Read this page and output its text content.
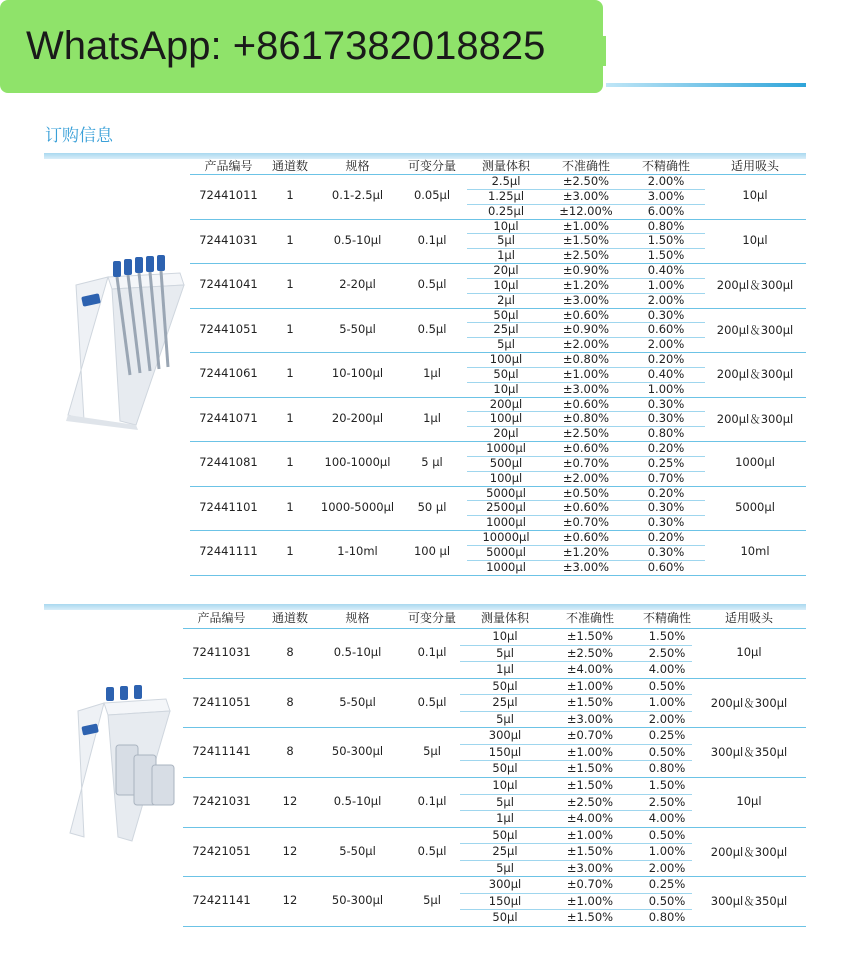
WhatsApp: +8617382018825
订购信息
产品编号	通道数	规格	可变分量	测量体积	不准确性	不精确性	适用吸头
72441011	1	0.1-2.5µl	0.05µl	10µl
2.5µl	±2.50%	2.00%
1.25µl	±3.00%	3.00%
0.25µl	±12.00%	6.00%
72441031	1	0.5-10µl	0.1µl	10µl
10µl	±1.00%	0.80%
5µl	±1.50%	1.50%
1µl	±2.50%	1.50%
72441041	1	2-20µl	0.5µl	200µl＆300µl
20µl	±0.90%	0.40%
10µl	±1.20%	1.00%
2µl	±3.00%	2.00%
72441051	1	5-50µl	0.5µl	200µl＆300µl
50µl	±0.60%	0.30%
25µl	±0.90%	0.60%
5µl	±2.00%	2.00%
72441061	1	10-100µl	1µl	200µl＆300µl
100µl	±0.80%	0.20%
50µl	±1.00%	0.40%
10µl	±3.00%	1.00%
72441071	1	20-200µl	1µl	200µl＆300µl
200µl	±0.60%	0.30%
100µl	±0.80%	0.30%
20µl	±2.50%	0.80%
72441081	1	100-1000µl	5 µl	1000µl
1000µl	±0.60%	0.20%
500µl	±0.70%	0.25%
100µl	±2.00%	0.70%
72441101	1	1000-5000µl	50 µl	5000µl
5000µl	±0.50%	0.20%
2500µl	±0.60%	0.30%
1000µl	±0.70%	0.30%
72441111	1	1-10ml	100 µl	10ml
10000µl	±0.60%	0.20%
5000µl	±1.20%	0.30%
1000µl	±3.00%	0.60%
产品编号	通道数	规格	可变分量	测量体积	不准确性	不精确性	适用吸头
72411031	8	0.5-10µl	0.1µl	10µl
10µl	±1.50%	1.50%
5µl	±2.50%	2.50%
1µl	±4.00%	4.00%
72411051	8	5-50µl	0.5µl	200µl＆300µl
50µl	±1.00%	0.50%
25µl	±1.50%	1.00%
5µl	±3.00%	2.00%
72411141	8	50-300µl	5µl	300µl＆350µl
300µl	±0.70%	0.25%
150µl	±1.00%	0.50%
50µl	±1.50%	0.80%
72421031	12	0.5-10µl	0.1µl	10µl
10µl	±1.50%	1.50%
5µl	±2.50%	2.50%
1µl	±4.00%	4.00%
72421051	12	5-50µl	0.5µl	200µl＆300µl
50µl	±1.00%	0.50%
25µl	±1.50%	1.00%
5µl	±3.00%	2.00%
72421141	12	50-300µl	5µl	300µl＆350µl
300µl	±0.70%	0.25%
150µl	±1.00%	0.50%
50µl	±1.50%	0.80%
